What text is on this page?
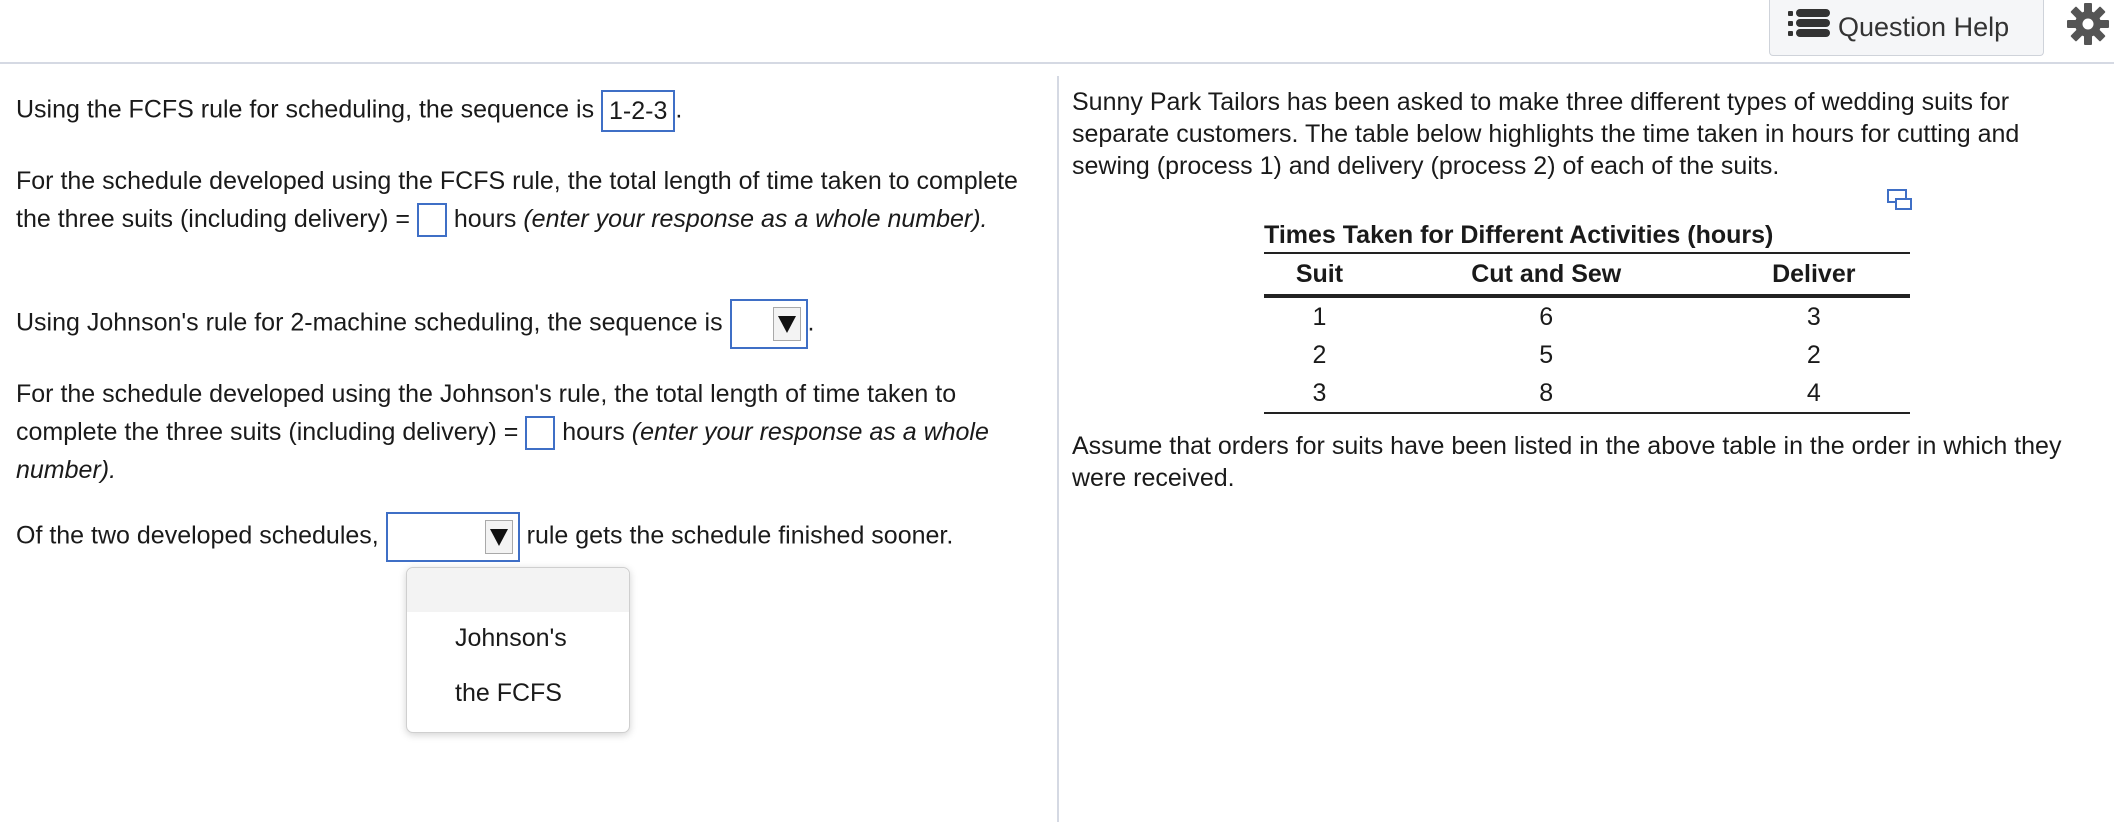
Question Help
Using the FCFS rule for scheduling, the sequence is 1-2-3 .
For the schedule developed using the FCFS rule, the total length of time taken to complete the three suits (including delivery) = hours (enter your response as a whole number).
Using Johnson's rule for 2-machine scheduling, the sequence is	.
For the schedule developed using the Johnson's rule, the total length of time taken to complete the three suits (including delivery) = hours (enter your response as a whole number).
Of the two developed schedules,	rule gets the schedule finished sooner.
Johnson's
the FCFS
Sunny Park Tailors has been asked to make three different types of wedding suits for separate customers. The table below highlights the time taken in hours for cutting and sewing (process 1) and delivery (process 2) of each of the suits.
Times Taken for Different Activities (hours)
Suit	Cut and Sew	Deliver
1	6	3
2	5	2
3	8	4
Assume that orders for suits have been listed in the above table in the order in which they were received.
